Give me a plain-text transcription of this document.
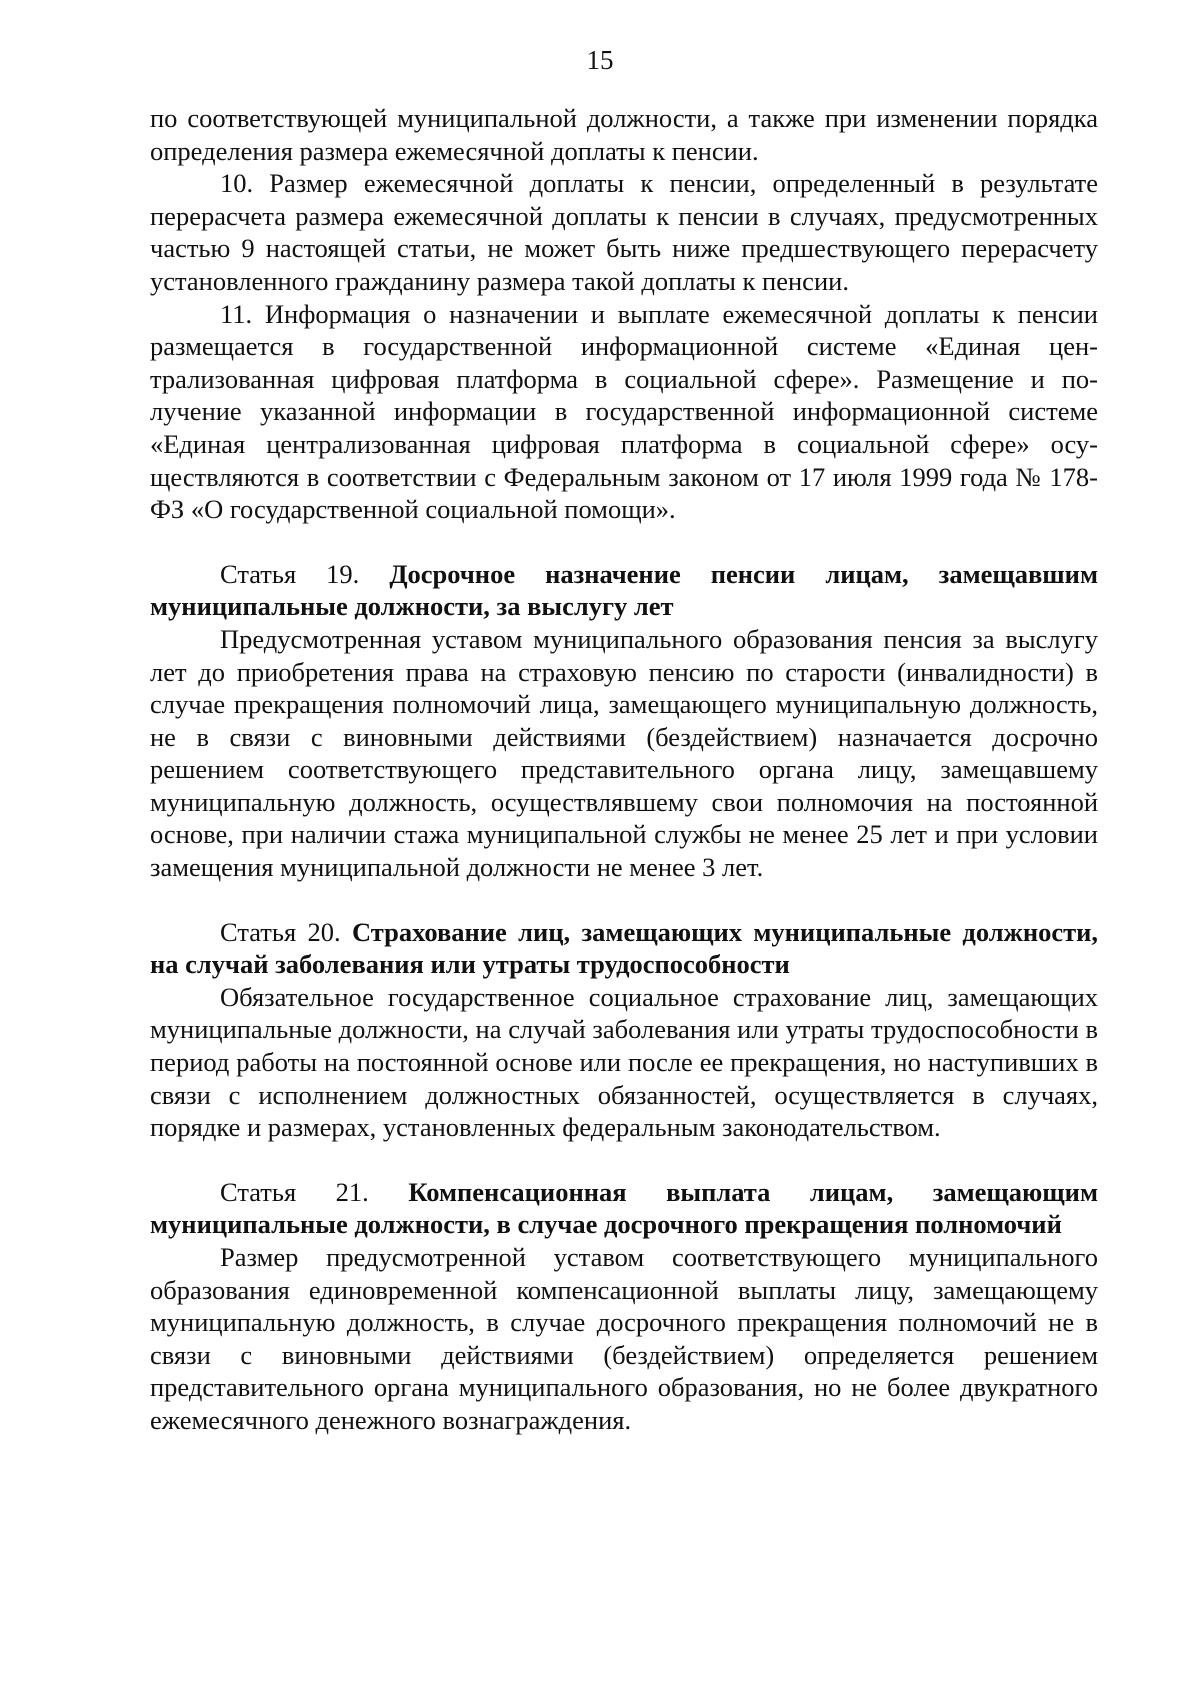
15

по соответствующей муниципальной должности, а также при изменении порядка определения размера ежемесячной доплаты к пенсии.

10. Размер ежемесячной доплаты к пенсии, определенный в результате перерасчета размера ежемесячной доплаты к пенсии в случаях, предусмотренных частью 9 настоящей статьи, не может быть ниже предшествующего перерасчету установленного гражданину размера такой доплаты к пенсии.

11. Информация о назначении и выплате ежемесячной доплаты к пенсии размещается в государственной информационной системе «Единая централизованная цифровая платформа в социальной сфере». Размещение и получение указанной информации в государственной информационной системе «Единая централизованная цифровая платформа в социальной сфере» осуществляются в соответствии с Федеральным законом от 17 июля 1999 года № 178-ФЗ «О государственной социальной помощи».

Статья 19. Досрочное назначение пенсии лицам, замещавшим муниципальные должности, за выслугу лет

Предусмотренная уставом муниципального образования пенсия за выслугу лет до приобретения права на страховую пенсию по старости (инвалидности) в случае прекращения полномочий лица, замещающего муниципальную должность, не в связи с виновными действиями (бездействием) назначается досрочно решением соответствующего представительного органа лицу, замещавшему муниципальную должность, осуществлявшему свои полномочия на постоянной основе, при наличии стажа муниципальной службы не менее 25 лет и при условии замещения муниципальной должности не менее 3 лет.

Статья 20. Страхование лиц, замещающих муниципальные должности, на случай заболевания или утраты трудоспособности

Обязательное государственное социальное страхование лиц, замещающих муниципальные должности, на случай заболевания или утраты трудоспособности в период работы на постоянной основе или после ее прекращения, но наступивших в связи с исполнением должностных обязанностей, осуществляется в случаях, порядке и размерах, установленных федеральным законодательством.

Статья 21. Компенсационная выплата лицам, замещающим муниципальные должности, в случае досрочного прекращения полномочий

Размер предусмотренной уставом соответствующего муниципального образования единовременной компенсационной выплаты лицу, замещающему муниципальную должность, в случае досрочного прекращения полномочий не в связи с виновными действиями (бездействием) определяется решением представительного органа муниципального образования, но не более двукратного ежемесячного денежного вознаграждения.
